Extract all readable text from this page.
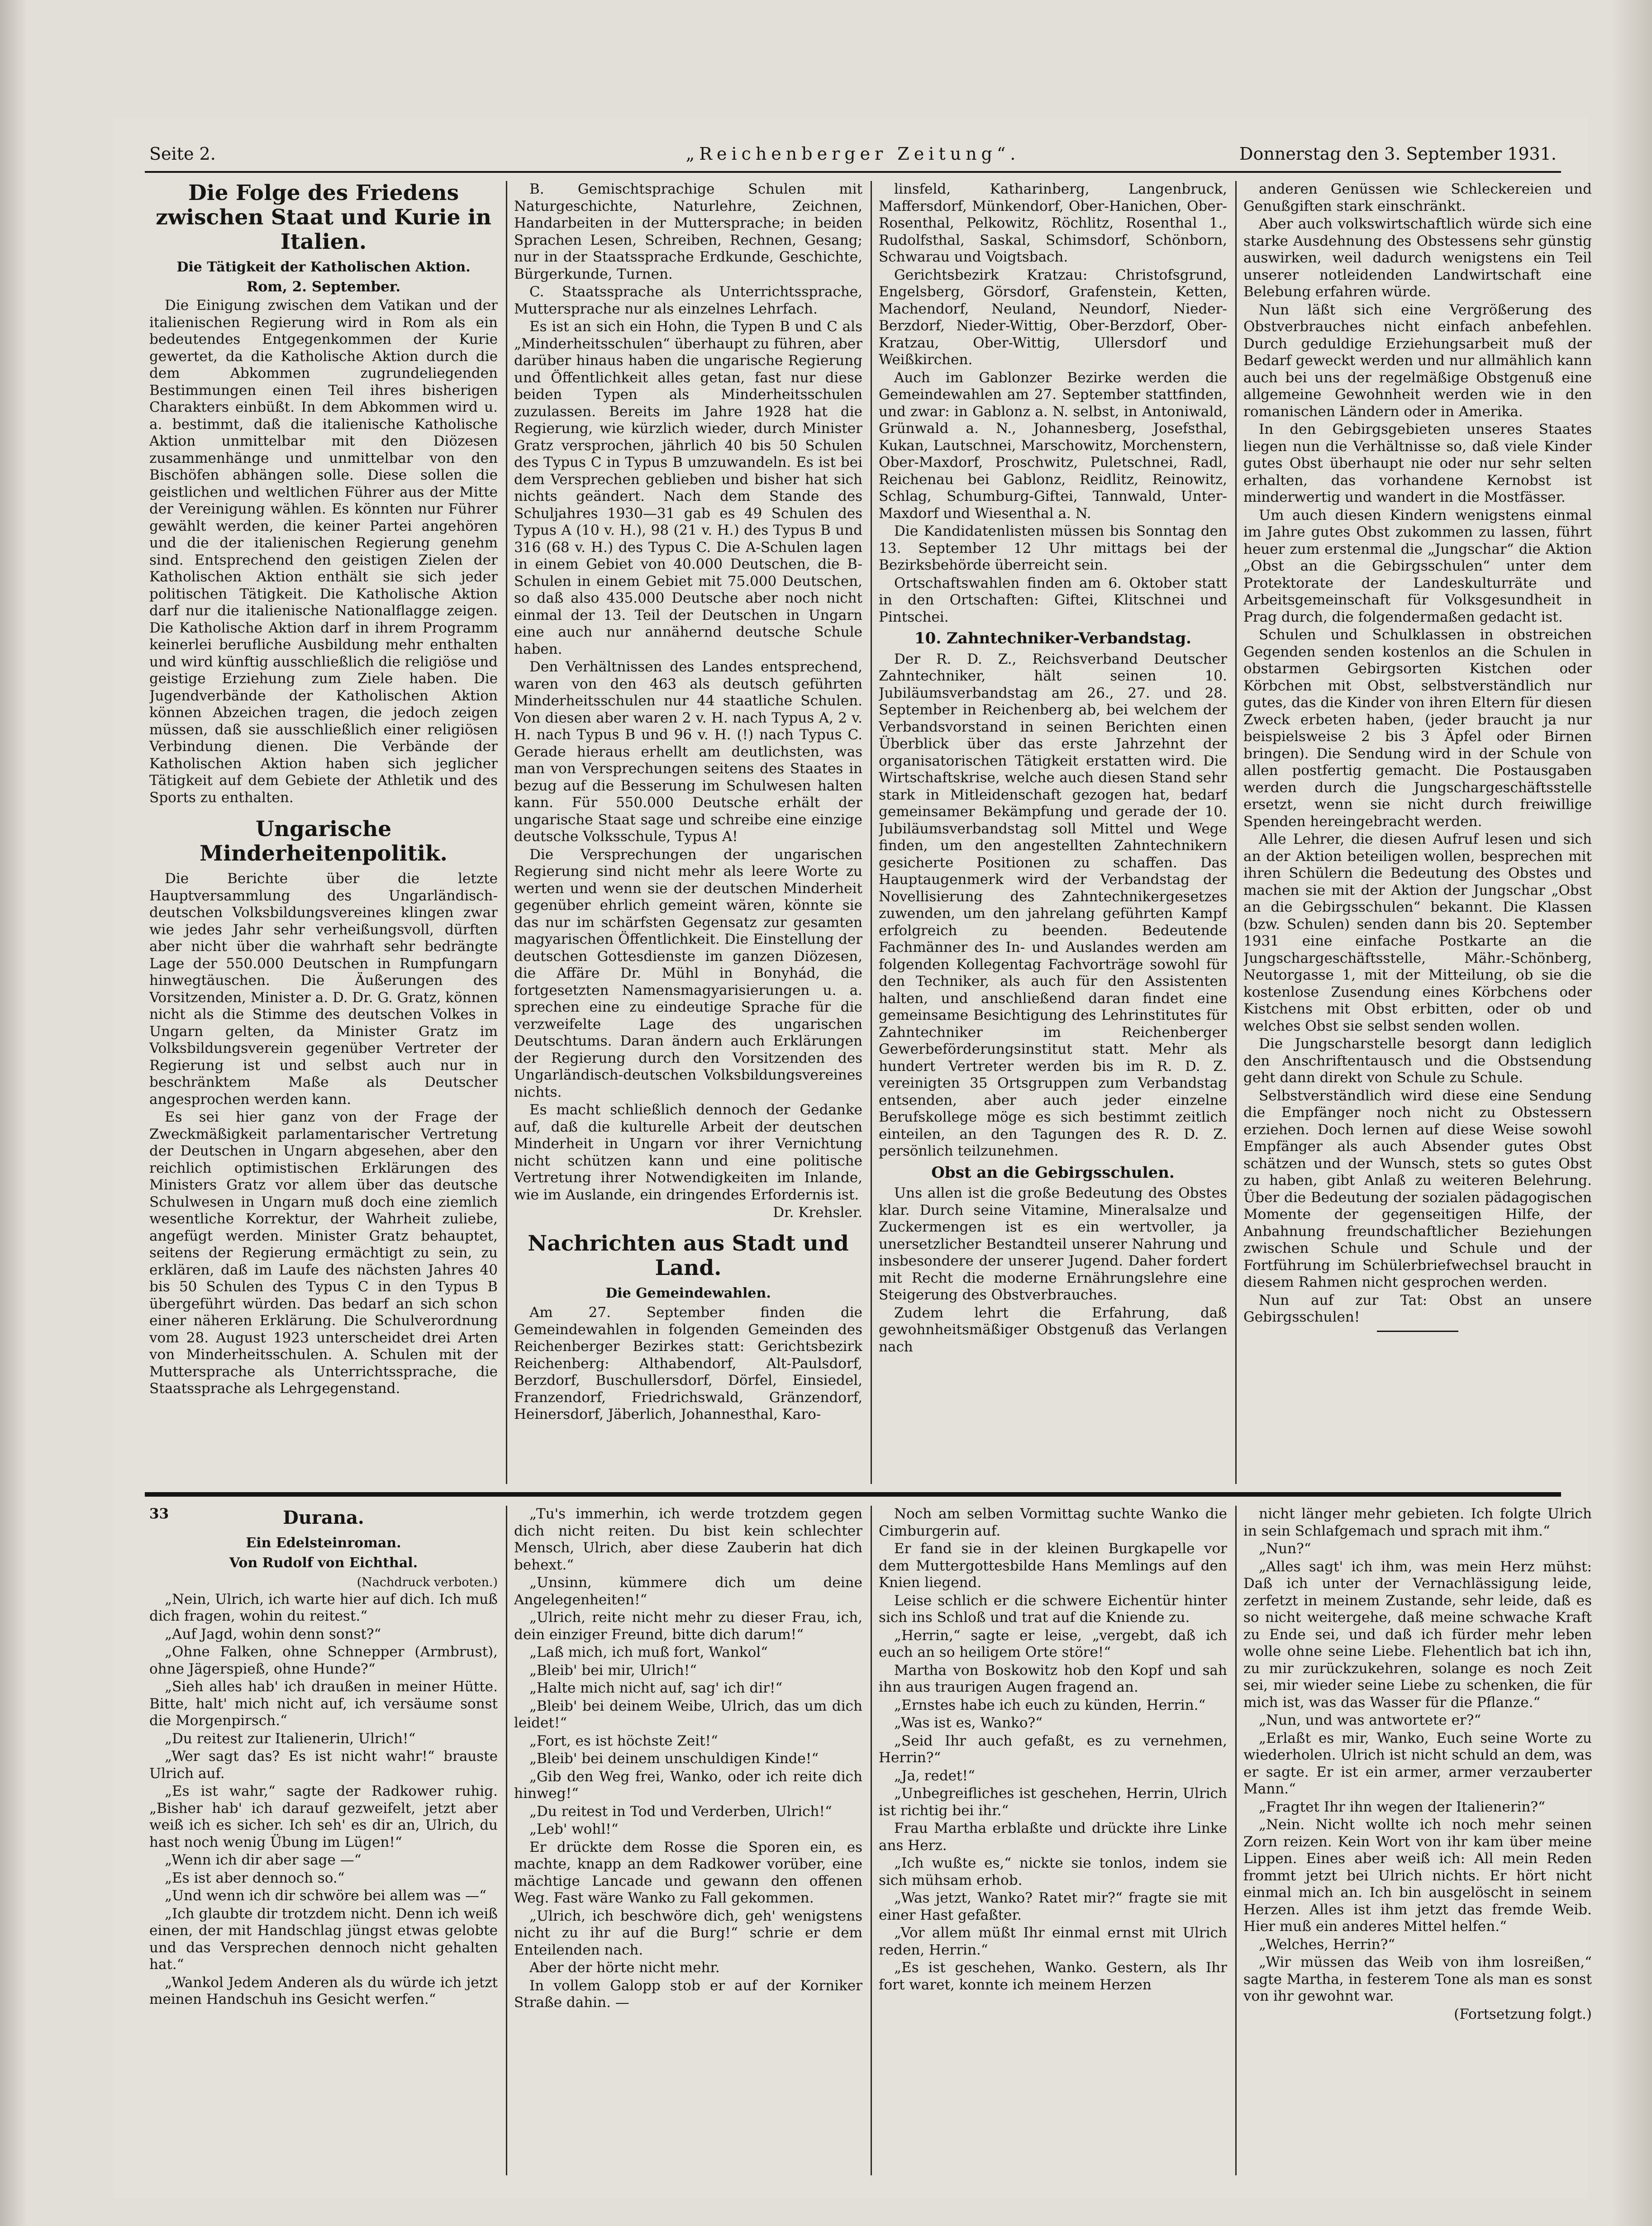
Seite 2.	„Reichenberger Zeitung“.	Donnerstag den 3. September 1931.
Die Folge des Friedens zwischen Staat und Kurie in Italien.
Die Tätigkeit der Katholischen Aktion.
Rom, 2. September.

Die Einigung zwischen dem Vatikan und der italienischen Regierung wird in Rom als ein bedeutendes Entgegenkommen der Kurie gewertet, da die Katholische Aktion durch die dem Abkommen zugrundeliegenden Bestimmungen einen Teil ihres bisherigen Charakters einbüßt. In dem Abkommen wird u. a. bestimmt, daß die italienische Katholische Aktion unmittelbar mit den Diözesen zusammenhänge und unmittelbar von den Bischöfen abhängen solle. Diese sollen die geistlichen und weltlichen Führer aus der Mitte der Vereinigung wählen. Es könnten nur Führer gewählt werden, die keiner Partei angehören und die der italienischen Regierung genehm sind. Entsprechend den geistigen Zielen der Katholischen Aktion enthält sie sich jeder politischen Tätigkeit. Die Katholische Aktion darf nur die italienische Nationalflagge zeigen. Die Katholische Aktion darf in ihrem Programm keinerlei berufliche Ausbildung mehr enthalten und wird künftig ausschließlich die religiöse und geistige Erziehung zum Ziele haben. Die Jugendverbände der Katholischen Aktion können Abzeichen tragen, die jedoch zeigen müssen, daß sie ausschließlich einer religiösen Verbindung dienen. Die Verbände der Katholischen Aktion haben sich jeglicher Tätigkeit auf dem Gebiete der Athletik und des Sports zu enthalten.

Ungarische Minderheitenpolitik.

Die Berichte über die letzte Hauptversammlung des Ungarländisch-deutschen Volksbildungsvereines klingen zwar wie jedes Jahr sehr verheißungsvoll, dürften aber nicht über die wahrhaft sehr bedrängte Lage der 550.000 Deutschen in Rumpfungarn hinwegtäuschen. Die Äußerungen des Vorsitzenden, Minister a. D. Dr. G. Gratz, können nicht als die Stimme des deutschen Volkes in Ungarn gelten, da Minister Gratz im Volksbildungsverein gegenüber Vertreter der Regierung ist und selbst auch nur in beschränktem Maße als Deutscher angesprochen werden kann.

Es sei hier ganz von der Frage der Zweckmäßigkeit parlamentarischer Vertretung der Deutschen in Ungarn abgesehen, aber den reichlich optimistischen Erklärungen des Ministers Gratz vor allem über das deutsche Schulwesen in Ungarn muß doch eine ziemlich wesentliche Korrektur, der Wahrheit zuliebe, angefügt werden. Minister Gratz behauptet, seitens der Regierung ermächtigt zu sein, zu erklären, daß im Laufe des nächsten Jahres 40 bis 50 Schulen des Typus C in den Typus B übergeführt würden. Das bedarf an sich schon einer näheren Erklärung. Die Schulverordnung vom 28. August 1923 unterscheidet drei Arten von Minderheitsschulen. A. Schulen mit der Muttersprache als Unterrichtssprache, die Staatssprache als Lehrgegenstand.

B. Gemischtsprachige Schulen mit Naturgeschichte, Naturlehre, Zeichnen, Handarbeiten in der Muttersprache; in beiden Sprachen Lesen, Schreiben, Rechnen, Gesang; nur in der Staatssprache Erdkunde, Geschichte, Bürgerkunde, Turnen.

C. Staatssprache als Unterrichtssprache, Muttersprache nur als einzelnes Lehrfach.

Es ist an sich ein Hohn, die Typen B und C als „Minderheitsschulen“ überhaupt zu führen, aber darüber hinaus haben die ungarische Regierung und Öffentlichkeit alles getan, fast nur diese beiden Typen als Minderheitsschulen zuzulassen. Bereits im Jahre 1928 hat die Regierung, wie kürzlich wieder, durch Minister Gratz versprochen, jährlich 40 bis 50 Schulen des Typus C in Typus B umzuwandeln. Es ist bei dem Versprechen geblieben und bisher hat sich nichts geändert. Nach dem Stande des Schuljahres 1930—31 gab es 49 Schulen des Typus A (10 v. H.), 98 (21 v. H.) des Typus B und 316 (68 v. H.) des Typus C. Die A-Schulen lagen in einem Gebiet von 40.000 Deutschen, die B-Schulen in einem Gebiet mit 75.000 Deutschen, so daß also 435.000 Deutsche aber noch nicht einmal der 13. Teil der Deutschen in Ungarn eine auch nur annähernd deutsche Schule haben.

Den Verhältnissen des Landes entsprechend, waren von den 463 als deutsch geführten Minderheitsschulen nur 44 staatliche Schulen. Von diesen aber waren 2 v. H. nach Typus A, 2 v. H. nach Typus B und 96 v. H. (!) nach Typus C. Gerade hieraus erhellt am deutlichsten, was man von Versprechungen seitens des Staates in bezug auf die Besserung im Schulwesen halten kann. Für 550.000 Deutsche erhält der ungarische Staat sage und schreibe eine einzige deutsche Volksschule, Typus A!

Die Versprechungen der ungarischen Regierung sind nicht mehr als leere Worte zu werten und wenn sie der deutschen Minderheit gegenüber ehrlich gemeint wären, könnte sie das nur im schärfsten Gegensatz zur gesamten magyarischen Öffentlichkeit. Die Einstellung der deutschen Gottesdienste im ganzen Diözesen, die Affäre Dr. Mühl in Bonyhád, die fortgesetzten Namensmagyarisierungen u. a. sprechen eine zu eindeutige Sprache für die verzweifelte Lage des ungarischen Deutschtums. Daran ändern auch Erklärungen der Regierung durch den Vorsitzenden des Ungarländisch-deutschen Volksbildungsvereines nichts.

Es macht schließlich dennoch der Gedanke auf, daß die kulturelle Arbeit der deutschen Minderheit in Ungarn vor ihrer Vernichtung nicht schützen kann und eine politische Vertretung ihrer Notwendigkeiten im Inlande, wie im Auslande, ein dringendes Erfordernis ist.

Dr. Krehsler.
Nachrichten aus Stadt und Land.
Die Gemeindewahlen.

Am 27. September finden die Gemeindewahlen in folgenden Gemeinden des Reichenberger Bezirkes statt: Gerichtsbezirk Reichenberg: Althabendorf, Alt-Paulsdorf, Berzdorf, Buschullersdorf, Dörfel, Einsiedel, Franzendorf, Friedrichswald, Gränzendorf, Heinersdorf, Jäberlich, Johannesthal, Karo-

linsfeld, Katharinberg, Langenbruck, Maffersdorf, Münkendorf, Ober-Hanichen, Ober-Rosenthal, Pelkowitz, Röchlitz, Rosenthal 1., Rudolfsthal, Saskal, Schimsdorf, Schönborn, Schwarau und Voigtsbach.

Gerichtsbezirk Kratzau: Christofsgrund, Engelsberg, Görsdorf, Grafenstein, Ketten, Machendorf, Neuland, Neundorf, Nieder-Berzdorf, Nieder-Wittig, Ober-Berzdorf, Ober-Kratzau, Ober-Wittig, Ullersdorf und Weißkirchen.

Auch im Gablonzer Bezirke werden die Gemeindewahlen am 27. September stattfinden, und zwar: in Gablonz a. N. selbst, in Antoniwald, Grünwald a. N., Johannesberg, Josefsthal, Kukan, Lautschnei, Marschowitz, Morchenstern, Ober-Maxdorf, Proschwitz, Puletschnei, Radl, Reichenau bei Gablonz, Reidlitz, Reinowitz, Schlag, Schumburg-Giftei, Tannwald, Unter-Maxdorf und Wiesenthal a. N.

Die Kandidatenlisten müssen bis Sonntag den 13. September 12 Uhr mittags bei der Bezirksbehörde überreicht sein.

Ortschaftswahlen finden am 6. Oktober statt in den Ortschaften: Giftei, Klitschnei und Pintschei.

10. Zahntechniker-Verbandstag.

Der R. D. Z., Reichsverband Deutscher Zahntechniker, hält seinen 10. Jubiläumsverbandstag am 26., 27. und 28. September in Reichenberg ab, bei welchem der Verbandsvorstand in seinen Berichten einen Überblick über das erste Jahrzehnt der organisatorischen Tätigkeit erstatten wird. Die Wirtschaftskrise, welche auch diesen Stand sehr stark in Mitleidenschaft gezogen hat, bedarf gemeinsamer Bekämpfung und gerade der 10. Jubiläumsverbandstag soll Mittel und Wege finden, um den angestellten Zahntechnikern gesicherte Positionen zu schaffen. Das Hauptaugenmerk wird der Verbandstag der Novellisierung des Zahntechnikergesetzes zuwenden, um den jahrelang geführten Kampf erfolgreich zu beenden. Bedeutende Fachmänner des In- und Auslandes werden am folgenden Kollegentag Fachvorträge sowohl für den Techniker, als auch für den Assistenten halten, und anschließend daran findet eine gemeinsame Besichtigung des Lehrinstitutes für Zahntechniker im Reichenberger Gewerbeförderungsinstitut statt. Mehr als hundert Vertreter werden bis im R. D. Z. vereinigten 35 Ortsgruppen zum Verbandstag entsenden, aber auch jeder einzelne Berufskollege möge es sich bestimmt zeitlich einteilen, an den Tagungen des R. D. Z. persönlich teilzunehmen.

Obst an die Gebirgsschulen.

Uns allen ist die große Bedeutung des Obstes klar. Durch seine Vitamine, Mineralsalze und Zuckermengen ist es ein wertvoller, ja unersetzlicher Bestandteil unserer Nahrung und insbesondere der unserer Jugend. Daher fordert mit Recht die moderne Ernährungslehre eine Steigerung des Obstverbrauches.

Zudem lehrt die Erfahrung, daß gewohnheitsmäßiger Obstgenuß das Verlangen nach

anderen Genüssen wie Schleckereien und Genußgiften stark einschränkt.

Aber auch volkswirtschaftlich würde sich eine starke Ausdehnung des Obstessens sehr günstig auswirken, weil dadurch wenigstens ein Teil unserer notleidenden Landwirtschaft eine Belebung erfahren würde.

Nun läßt sich eine Vergrößerung des Obstverbrauches nicht einfach anbefehlen. Durch geduldige Erziehungsarbeit muß der Bedarf geweckt werden und nur allmählich kann auch bei uns der regelmäßige Obstgenuß eine allgemeine Gewohnheit werden wie in den romanischen Ländern oder in Amerika.

In den Gebirgsgebieten unseres Staates liegen nun die Verhältnisse so, daß viele Kinder gutes Obst überhaupt nie oder nur sehr selten erhalten, das vorhandene Kernobst ist minderwertig und wandert in die Mostfässer.

Um auch diesen Kindern wenigstens einmal im Jahre gutes Obst zukommen zu lassen, führt heuer zum erstenmal die „Jungschar“ die Aktion „Obst an die Gebirgsschulen“ unter dem Protektorate der Landeskulturräte und Arbeitsgemeinschaft für Volksgesundheit in Prag durch, die folgendermaßen gedacht ist.

Schulen und Schulklassen in obstreichen Gegenden senden kostenlos an die Schulen in obstarmen Gebirgsorten Kistchen oder Körbchen mit Obst, selbstverständlich nur gutes, das die Kinder von ihren Eltern für diesen Zweck erbeten haben, (jeder braucht ja nur beispielsweise 2 bis 3 Äpfel oder Birnen bringen). Die Sendung wird in der Schule von allen postfertig gemacht. Die Postausgaben werden durch die Jungschargeschäftsstelle ersetzt, wenn sie nicht durch freiwillige Spenden hereingebracht werden.

Alle Lehrer, die diesen Aufruf lesen und sich an der Aktion beteiligen wollen, besprechen mit ihren Schülern die Bedeutung des Obstes und machen sie mit der Aktion der Jungschar „Obst an die Gebirgsschulen“ bekannt. Die Klassen (bzw. Schulen) senden dann bis 20. September 1931 eine einfache Postkarte an die Jungschargeschäftsstelle, Mähr.-Schönberg, Neutorgasse 1, mit der Mitteilung, ob sie die kostenlose Zusendung eines Körbchens oder Kistchens mit Obst erbitten, oder ob und welches Obst sie selbst senden wollen.

Die Jungscharstelle besorgt dann lediglich den Anschriftentausch und die Obstsendung geht dann direkt von Schule zu Schule.

Selbstverständlich wird diese eine Sendung die Empfänger noch nicht zu Obstessern erziehen. Doch lernen auf diese Weise sowohl Empfänger als auch Absender gutes Obst schätzen und der Wunsch, stets so gutes Obst zu haben, gibt Anlaß zu weiteren Belehrung. Über die Bedeutung der sozialen pädagogischen Momente der gegenseitigen Hilfe, der Anbahnung freundschaftlicher Beziehungen zwischen Schule und Schule und der Fortführung im Schülerbriefwechsel braucht in diesem Rahmen nicht gesprochen werden.

Nun auf zur Tat: Obst an unsere Gebirgsschulen!

33	Durana.
Ein Edelsteinroman.
Von Rudolf von Eichthal.
(Nachdruck verboten.)

„Nein, Ulrich, ich warte hier auf dich. Ich muß dich fragen, wohin du reitest.“

„Auf Jagd, wohin denn sonst?“

„Ohne Falken, ohne Schnepper (Armbrust), ohne Jägerspieß, ohne Hunde?“

„Sieh alles hab' ich draußen in meiner Hütte. Bitte, halt' mich nicht auf, ich versäume sonst die Morgenpirsch.“

„Du reitest zur Italienerin, Ulrich!“

„Wer sagt das? Es ist nicht wahr!“ brauste Ulrich auf.

„Es ist wahr,“ sagte der Radkower ruhig. „Bisher hab' ich darauf gezweifelt, jetzt aber weiß ich es sicher. Ich seh' es dir an, Ulrich, du hast noch wenig Übung im Lügen!“

„Wenn ich dir aber sage —“

„Es ist aber dennoch so.“

„Und wenn ich dir schwöre bei allem was —“

„Ich glaubte dir trotzdem nicht. Denn ich weiß einen, der mit Handschlag jüngst etwas gelobte und das Versprechen dennoch nicht gehalten hat.“

„Wankol Jedem Anderen als du würde ich jetzt meinen Handschuh ins Gesicht werfen.“

„Tu's immerhin, ich werde trotzdem gegen dich nicht reiten. Du bist kein schlechter Mensch, Ulrich, aber diese Zauberin hat dich behext.“

„Unsinn, kümmere dich um deine Angelegenheiten!“

„Ulrich, reite nicht mehr zu dieser Frau, ich, dein einziger Freund, bitte dich darum!“

„Laß mich, ich muß fort, Wankol“

„Bleib' bei mir, Ulrich!“

„Halte mich nicht auf, sag' ich dir!“

„Bleib' bei deinem Weibe, Ulrich, das um dich leidet!“

„Fort, es ist höchste Zeit!“

„Bleib' bei deinem unschuldigen Kinde!“

„Gib den Weg frei, Wanko, oder ich reite dich hinweg!“

„Du reitest in Tod und Verderben, Ulrich!“

„Leb' wohl!“

Er drückte dem Rosse die Sporen ein, es machte, knapp an dem Radkower vorüber, eine mächtige Lancade und gewann den offenen Weg. Fast wäre Wanko zu Fall gekommen.

„Ulrich, ich beschwöre dich, geh' wenigstens nicht zu ihr auf die Burg!“ schrie er dem Enteilenden nach.

Aber der hörte nicht mehr.

In vollem Galopp stob er auf der Korniker Straße dahin. —

Noch am selben Vormittag suchte Wanko die Cimburgerin auf.

Er fand sie in der kleinen Burgkapelle vor dem Muttergottesbilde Hans Memlings auf den Knien liegend.

Leise schlich er die schwere Eichentür hinter sich ins Schloß und trat auf die Kniende zu.

„Herrin,“ sagte er leise, „vergebt, daß ich euch an so heiligem Orte störe!“

Martha von Boskowitz hob den Kopf und sah ihn aus traurigen Augen fragend an.

„Ernstes habe ich euch zu künden, Herrin.“

„Was ist es, Wanko?“

„Seid Ihr auch gefaßt, es zu vernehmen, Herrin?“

„Ja, redet!“

„Unbegreifliches ist geschehen, Herrin, Ulrich ist richtig bei ihr.“

Frau Martha erblaßte und drückte ihre Linke ans Herz.

„Ich wußte es,“ nickte sie tonlos, indem sie sich mühsam erhob.

„Was jetzt, Wanko? Ratet mir?“ fragte sie mit einer Hast gefaßter.

„Vor allem müßt Ihr einmal ernst mit Ulrich reden, Herrin.“

„Es ist geschehen, Wanko. Gestern, als Ihr fort waret, konnte ich meinem Herzen

nicht länger mehr gebieten. Ich folgte Ulrich in sein Schlafgemach und sprach mit ihm.“

„Nun?“

„Alles sagt' ich ihm, was mein Herz mühst: Daß ich unter der Vernachlässigung leide, zerfetzt in meinem Zustande, sehr leide, daß es so nicht weitergehe, daß meine schwache Kraft zu Ende sei, und daß ich fürder mehr leben wolle ohne seine Liebe. Flehentlich bat ich ihn, zu mir zurückzukehren, solange es noch Zeit sei, mir wieder seine Liebe zu schenken, die für mich ist, was das Wasser für die Pflanze.“

„Nun, und was antwortete er?“

„Erlaßt es mir, Wanko, Euch seine Worte zu wiederholen. Ulrich ist nicht schuld an dem, was er sagte. Er ist ein armer, armer verzauberter Mann.“

„Fragtet Ihr ihn wegen der Italienerin?“

„Nein. Nicht wollte ich noch mehr seinen Zorn reizen. Kein Wort von ihr kam über meine Lippen. Eines aber weiß ich: All mein Reden frommt jetzt bei Ulrich nichts. Er hört nicht einmal mich an. Ich bin ausgelöscht in seinem Herzen. Alles ist ihm jetzt das fremde Weib. Hier muß ein anderes Mittel helfen.“

„Welches, Herrin?“

„Wir müssen das Weib von ihm losreißen,“ sagte Martha, in festerem Tone als man es sonst von ihr gewohnt war.

(Fortsetzung folgt.)
